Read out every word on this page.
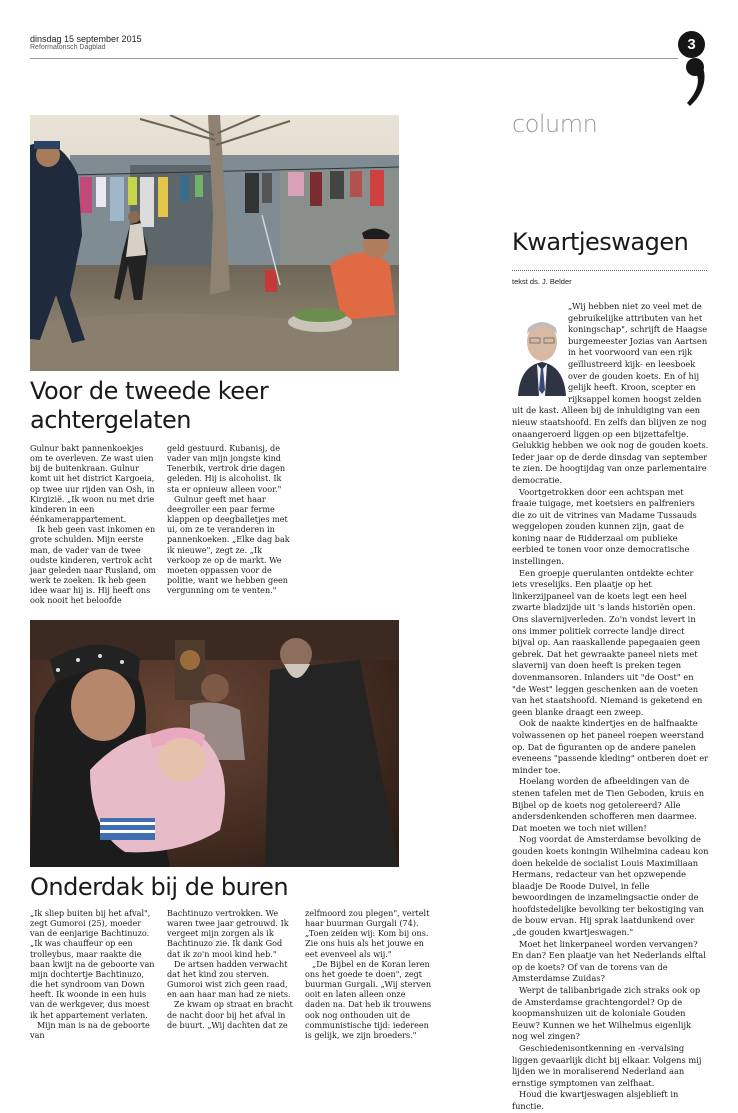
dinsdag 15 september 2015
Reformatorisch Dagblad	3
Voor de tweede keer achtergelaten

Gulnur bakt pannenkoekjes om te overleven. Ze wast uien bij de buitenkraan. Gulnur komt uit het district Kargoeia, op twee uur rijden van Osh, in Kirgizië. „Ik woon nu met drie kinderen in een éénkamerappartement.

Ik heb geen vast inkomen en grote schulden. Mijn eerste man, de vader van de twee oudste kinderen, vertrok acht jaar geleden naar Rusland, om werk te zoeken. Ik heb geen idee waar hij is. Hij heeft ons ook nooit het beloofde

geld gestuurd. Kubanisj, de vader van mijn jongste kind Tenerbik, vertrok drie dagen geleden. Hij is alcoholist. Ik sta er opnieuw alleen voor."

Gulnur geeft met haar deegroller een paar ferme klappen op deegballetjes met ui, om ze te veranderen in pannenkoeken. „Elke dag bak ik nieuwe", zegt ze. „Ik verkoop ze op de markt. We moeten oppassen voor de politie, want we hebben geen vergunning om te venten."

Onderdak bij de buren

„Ik sliep buiten bij het afval", zegt Gumoroi (25), moeder van de eenjarige Bachtinuzo. „Ik was chauffeur op een trolleybus, maar raakte die baan kwijt na de geboorte van mijn dochtertje Bachtinuzo, die het syndroom van Down heeft. Ik woonde in een huis van de werkgever, dus moest ik het appartement verlaten.

Mijn man is na de geboorte van

Bachtinuzo vertrokken. We waren twee jaar getrouwd. Ik vergeet mijn zorgen als ik Bachtinuzo zie. Ik dank God dat ik zo'n mooi kind heb."

De artsen hadden verwacht dat het kind zou sterven. Gumoroi wist zich geen raad, en aan haar man had ze niets.

Ze kwam op straat en bracht de nacht door bij het afval in de buurt. „Wij dachten dat ze

zelfmoord zou plegen", vertelt haar buurman Gurgali (74). „Toen zeiden wij: Kom bij ons. Zie ons huis als het jouwe en eet evenveel als wij."

„De Bijbel en de Koran leren ons het goede te doen", zegt buurman Gurgali. „Wij sterven ooit en laten alleen onze daden na. Dat heb ik trouwens ook nog onthouden uit de communistische tijd: iedereen is gelijk, we zijn broeders."

column
Kwartjeswagen
tekst ds. J. Belder

„Wij hebben niet zo veel met de gebruikelijke attributen van het koningschap", schrijft de Haagse burgemeester Jozias van Aartsen in het voorwoord van een rijk geïllustreerd kijk- en leesboek over de gouden koets. En of hij gelijk heeft. Kroon, scepter en rijksappel komen hoogst zelden uit de kast. Alleen bij de inhuldiging van een nieuw staatshoofd. En zelfs dan blijven ze nog onaangeroerd liggen op een bijzettafeltje. Gelukkig hebben we ook nog de gouden koets. Ieder jaar op de derde dinsdag van september te zien. De hoogtijdag van onze parlementaire democratie.

Voortgetrokken door een achtspan met fraaie tuigage, met koetsiers en palfreniers die zo uit de vitrines van Madame Tussauds weggelopen zouden kunnen zijn, gaat de koning naar de Ridderzaal om publieke eerbied te tonen voor onze democratische instellingen.

Een groepje querulanten ontdekte echter iets vreselijks. Een plaatje op het linkerzijpaneel van de koets legt een heel zwarte bladzijde uit 's lands historiën open. Ons slavernijverleden. Zo'n vondst levert in ons immer politiek correcte landje direct bijval op. Aan raaskallende papegaaien geen gebrek. Dat het gewraakte paneel niets met slavernij van doen heeft is preken tegen dovenmansoren. Inlanders uit "de Oost" en "de West" leggen geschenken aan de voeten van het staatshoofd. Niemand is geketend en geen blanke draagt een zweep.

Ook de naakte kindertjes en de halfnaakte volwassenen op het paneel roepen weerstand op. Dat de figuranten op de andere panelen eveneens "passende kleding" ontberen doet er minder toe.

Hoelang worden de afbeeldingen van de stenen tafelen met de Tien Geboden, kruis en Bijbel op de koets nog getolereerd? Alle andersdenkenden schofferen men daarmee. Dat moeten we toch niet willen!

Nog voordat de Amsterdamse bevolking de gouden koets koningin Wilhelmina cadeau kon doen hekelde de socialist Louis Maximiliaan Hermans, redacteur van het opzwepende blaadje De Roode Duivel, in felle bewoordingen de inzamelingsactie onder de hoofdstedelijke bevolking ter bekostiging van de bouw ervan. Hij sprak laatdunkend over „de gouden kwartjeswagen."

Moet het linkerpaneel worden vervangen? En dan? Een plaatje van het Nederlands elftal op de koets? Of van de torens van de Amsterdamse Zuidas?

Werpt de talibanbrigade zich straks ook op de Amsterdamse grachtengordel? Op de koopmanshuizen uit de koloniale Gouden Eeuw? Kunnen we het Wilhelmus eigenlijk nog wel zingen?

Geschiedenisontkenning en -vervalsing liggen gevaarlijk dicht bij elkaar. Volgens mij lijden we in moraliserend Nederland aan ernstige symptomen van zelfhaat.

Houd die kwartjeswagen alsjeblieft in functie.
